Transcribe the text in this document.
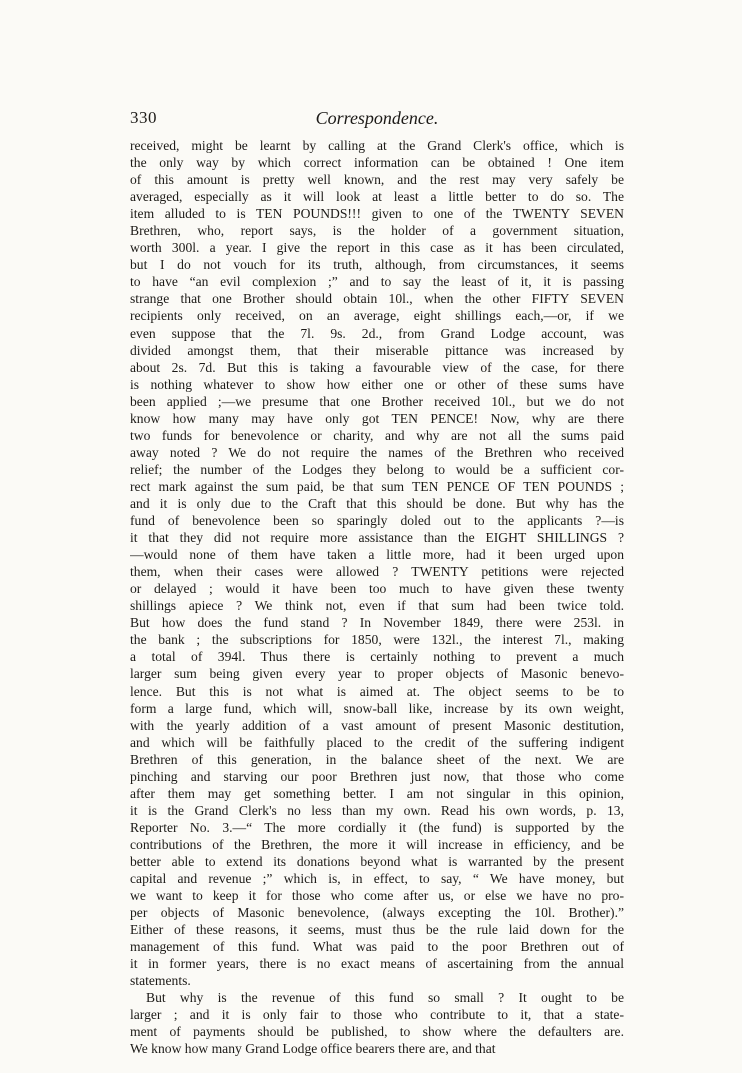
330	Correspondence.
received, might be learnt by calling at the Grand Clerk's office, which is
the only way by which correct information can be obtained ! One item
of this amount is pretty well known, and the rest may very safely be
averaged, especially as it will look at least a little better to do so. The
item alluded to is TEN POUNDS!!! given to one of the TWENTY SEVEN
Brethren, who, report says, is the holder of a government situation,
worth 300l. a year. I give the report in this case as it has been circulated,
but I do not vouch for its truth, although, from circumstances, it seems
to have “an evil complexion ;” and to say the least of it, it is passing
strange that one Brother should obtain 10l., when the other FIFTY SEVEN
recipients only received, on an average, eight shillings each,—or, if we
even suppose that the 7l. 9s. 2d., from Grand Lodge account, was
divided amongst them, that their miserable pittance was increased by
about 2s. 7d. But this is taking a favourable view of the case, for there
is nothing whatever to show how either one or other of these sums have
been applied ;—we presume that one Brother received 10l., but we do not
know how many may have only got TEN PENCE! Now, why are there
two funds for benevolence or charity, and why are not all the sums paid
away noted ? We do not require the names of the Brethren who received
relief; the number of the Lodges they belong to would be a sufficient cor-
rect mark against the sum paid, be that sum TEN PENCE OF TEN POUNDS ;
and it is only due to the Craft that this should be done. But why has the
fund of benevolence been so sparingly doled out to the applicants ?—is
it that they did not require more assistance than the EIGHT SHILLINGS ?
—would none of them have taken a little more, had it been urged upon
them, when their cases were allowed ? TWENTY petitions were rejected
or delayed ; would it have been too much to have given these twenty
shillings apiece ? We think not, even if that sum had been twice told.
But how does the fund stand ? In November 1849, there were 253l. in
the bank ; the subscriptions for 1850, were 132l., the interest 7l., making
a total of 394l. Thus there is certainly nothing to prevent a much
larger sum being given every year to proper objects of Masonic benevo-
lence. But this is not what is aimed at. The object seems to be to
form a large fund, which will, snow-ball like, increase by its own weight,
with the yearly addition of a vast amount of present Masonic destitution,
and which will be faithfully placed to the credit of the suffering indigent
Brethren of this generation, in the balance sheet of the next. We are
pinching and starving our poor Brethren just now, that those who come
after them may get something better. I am not singular in this opinion,
it is the Grand Clerk's no less than my own. Read his own words, p. 13,
Reporter No. 3.—“ The more cordially it (the fund) is supported by the
contributions of the Brethren, the more it will increase in efficiency, and be
better able to extend its donations beyond what is warranted by the present
capital and revenue ;” which is, in effect, to say, “ We have money, but
we want to keep it for those who come after us, or else we have no pro-
per objects of Masonic benevolence, (always excepting the 10l. Brother).”
Either of these reasons, it seems, must thus be the rule laid down for the
management of this fund. What was paid to the poor Brethren out of
it in former years, there is no exact means of ascertaining from the annual
statements.
But why is the revenue of this fund so small ? It ought to be
larger ; and it is only fair to those who contribute to it, that a state-
ment of payments should be published, to show where the defaulters are.
We know how many Grand Lodge office bearers there are, and that
